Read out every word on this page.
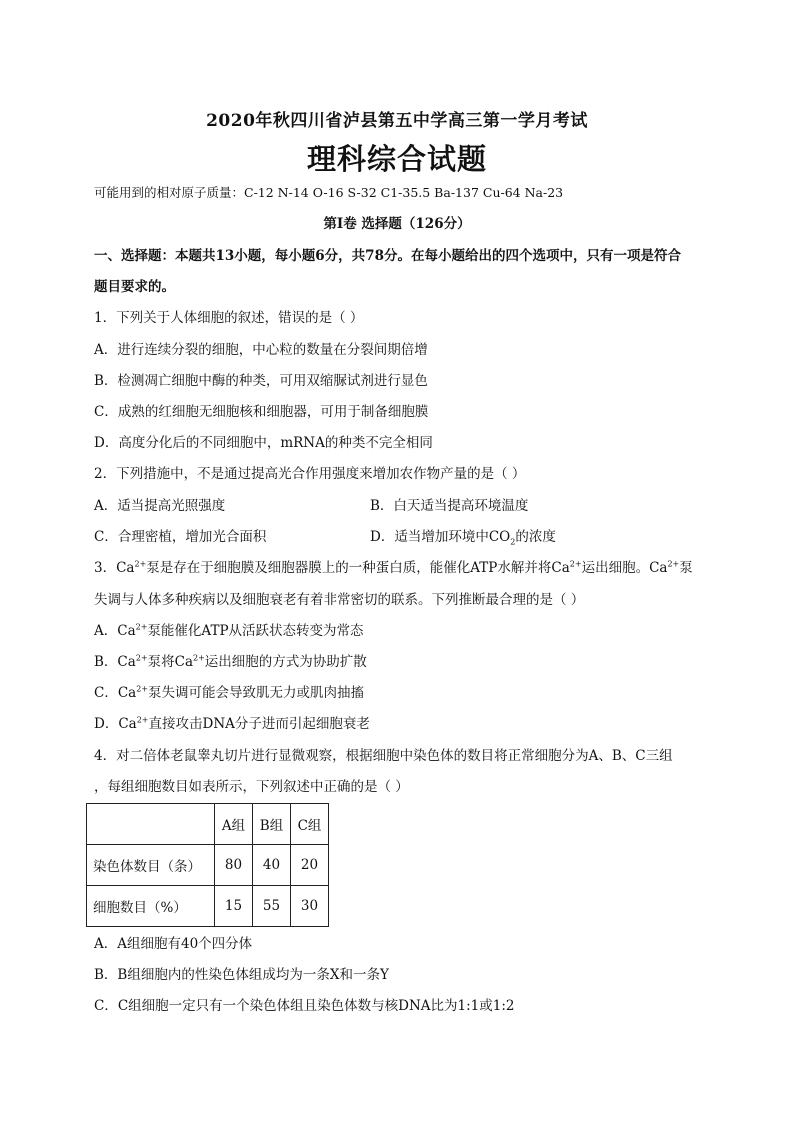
2020年秋四川省泸县第五中学高三第一学月考试
理科综合试题
可能用到的相对原子质量：C-12 N-14 O-16 S-32 C1-35.5 Ba-137 Cu-64 Na-23
第Ⅰ卷 选择题（126分）
一、选择题：本题共13小题，每小题6分，共78分。在每小题给出的四个选项中，只有一项是符合
题目要求的。
1．下列关于人体细胞的叙述，错误的是（ ）
A．进行连续分裂的细胞，中心粒的数量在分裂间期倍增
B．检测凋亡细胞中酶的种类，可用双缩脲试剂进行显色
C．成熟的红细胞无细胞核和细胞器，可用于制备细胞膜
D．高度分化后的不同细胞中，mRNA的种类不完全相同
2．下列措施中，不是通过提高光合作用强度来增加农作物产量的是（ ）
A．适当提高光照强度	B．白天适当提高环境温度
C．合理密植，增加光合面积	D．适当增加环境中$CO_2$的浓度
3．$Ca^{2+}$泵是存在于细胞膜及细胞器膜上的一种蛋白质，能催化ATP水解并将$Ca^{2+}$运出细胞。$Ca^{2+}$泵
失调与人体多种疾病以及细胞衰老有着非常密切的联系。下列推断最合理的是（ ）
A．$Ca^{2+}$泵能催化ATP从活跃状态转变为常态
B．$Ca^{2+}$泵将$Ca^{2+}$运出细胞的方式为协助扩散
C．$Ca^{2+}$泵失调可能会导致肌无力或肌肉抽搐
D．$Ca^{2+}$直接攻击DNA分子进而引起细胞衰老
4．对二倍体老鼠睾丸切片进行显微观察，根据细胞中染色体的数目将正常细胞分为A、B、C三组
，每组细胞数目如表所示，下列叙述中正确的是（ ）
	A组	B组	C组
染色体数目（条）	80	40	20
细胞数目（%）	15	55	30
A．A组细胞有40个四分体
B．B组细胞内的性染色体组成均为一条X和一条Y
C．C组细胞一定只有一个染色体组且染色体数与核DNA比为1:1或1:2
